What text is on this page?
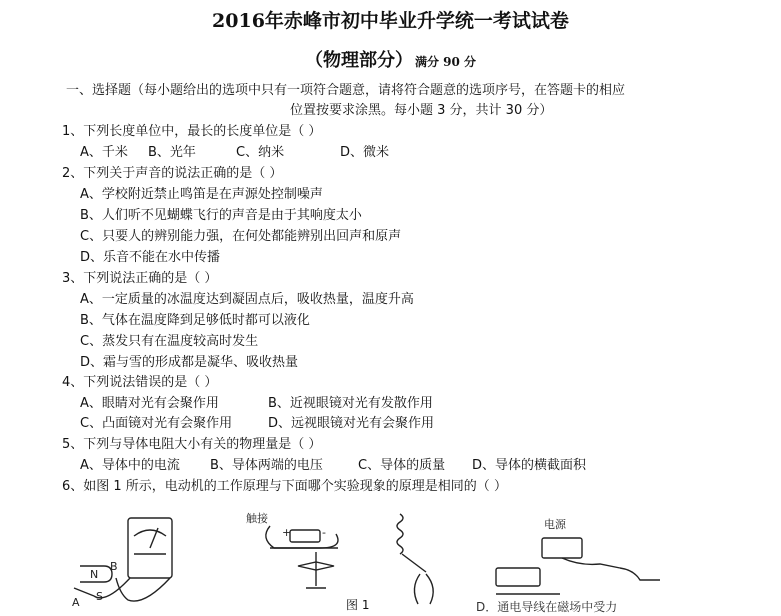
2016年赤峰市初中毕业升学统一考试试卷
（物理部分） 满分 90 分
一、选择题（每小题给出的选项中只有一项符合题意，请将符合题意的选项序号，在答题卡的相应
位置按要求涂黑。每小题 3 分，共计 30 分）
1、下列长度单位中，最长的长度单位是（ ）
A、千米 B、光年	C、纳米	D、微米
2、下列关于声音的说法正确的是（ ）
A、学校附近禁止鸣笛是在声源处控制噪声
B、人们听不见蝴蝶飞行的声音是由于其响度太小
C、只要人的辨别能力强，在何处都能辨别出回声和原声
D、乐音不能在水中传播
3、下列说法正确的是（ ）
A、一定质量的冰温度达到凝固点后，吸收热量，温度升高
B、气体在温度降到足够低时都可以液化
C、蒸发只有在温度较高时发生
D、霜与雪的形成都是凝华、吸收热量
4、下列说法错误的是（ ）
A、眼睛对光有会聚作用	B、近视眼镜对光有发散作用
C、凸面镜对光有会聚作用	D、远视眼镜对光有会聚作用
5、下列与导体电阻大小有关的物理量是（ ）
A、导体中的电流 B、导体两端的电压	C、导体的质量 D、导体的横截面积
6、如图 1 所示，电动机的工作原理与下面哪个实验现象的原理是相同的（ ）
N
B
S
A
触接
+	-
电源
图 1	D．通电导线在磁场中受力
